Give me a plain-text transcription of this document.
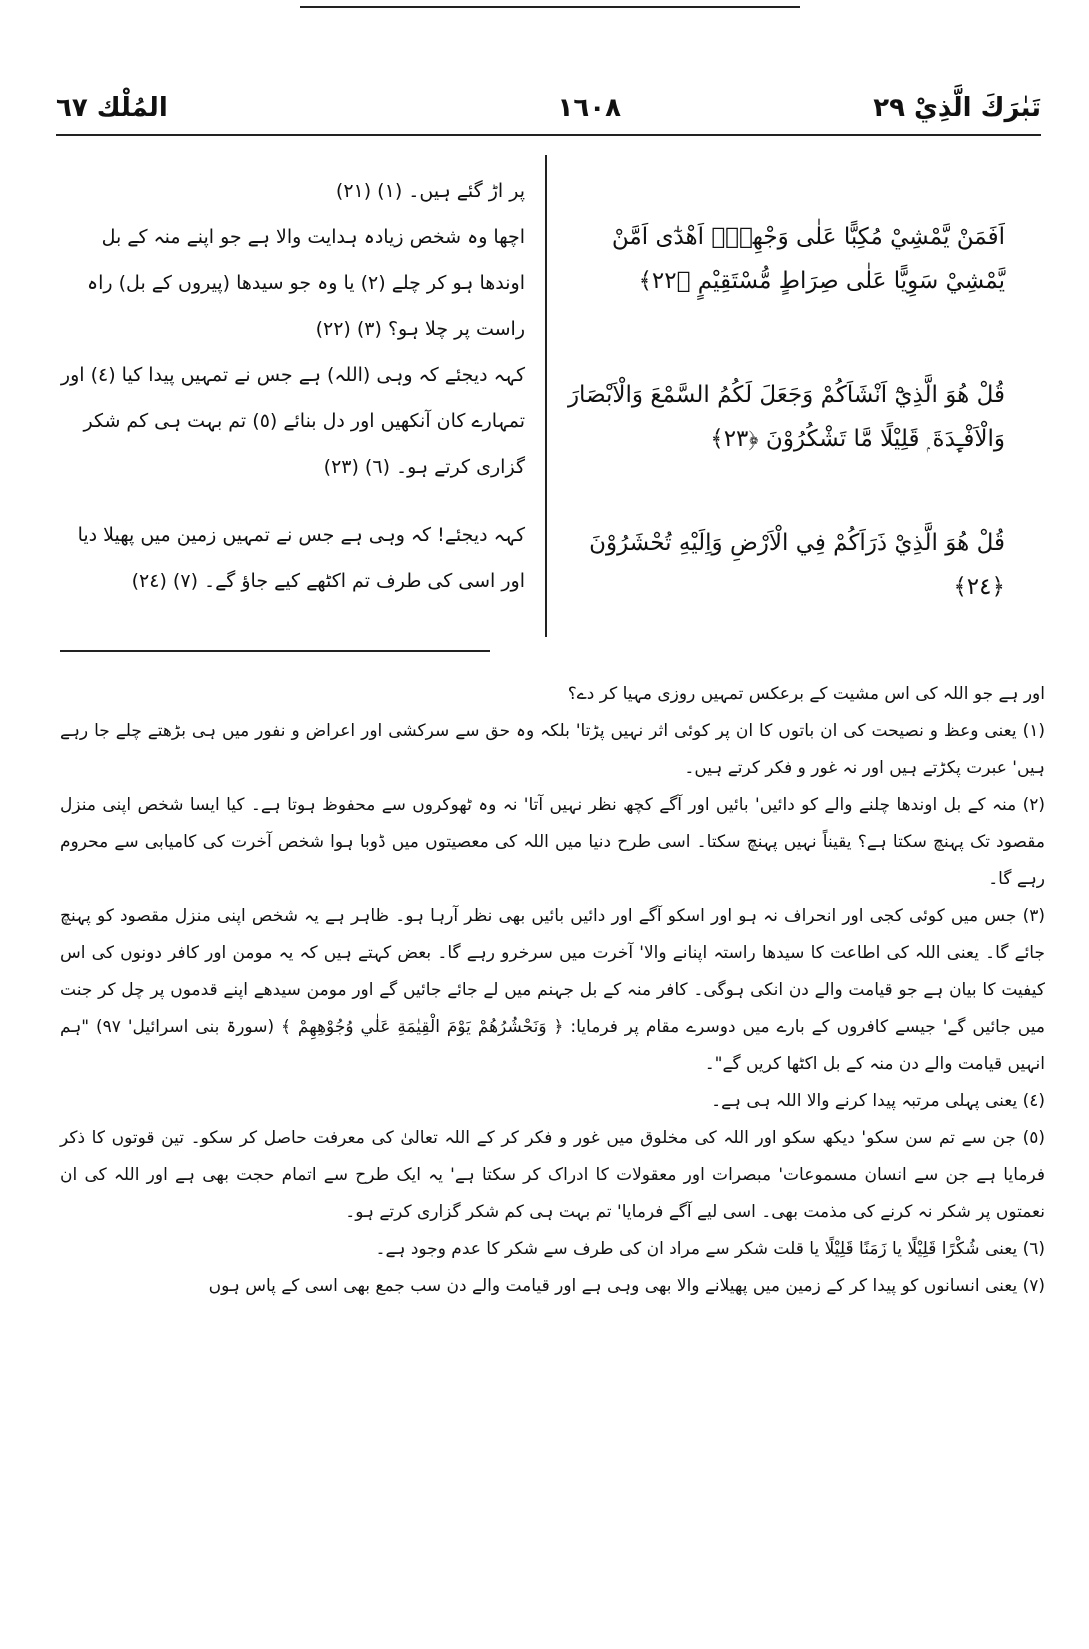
تَبٰرَكَ الَّذِيْ ٢٩
١٦٠٨
المُلْك ٦٧
اَفَمَنْ يَّمْشِيْ مُكِبًّا عَلٰى وَجْهِهٖٓ اَهْدٰٓى اَمَّنْ يَّمْشِيْ سَوِيًّا عَلٰى صِرَاطٍ مُّسْتَقِيْمٍ ﴿٢٢﴾
قُلْ هُوَ الَّذِيْٓ اَنْشَاَكُمْ وَجَعَلَ لَكُمُ السَّمْعَ وَالْاَبْصَارَ وَالْاَفْـِٕدَةَ ۭ قَلِيْلًا مَّا تَشْكُرُوْنَ ﴿٢٣﴾
قُلْ هُوَ الَّذِيْ ذَرَاَكُمْ فِي الْاَرْضِ وَاِلَيْهِ تُحْشَرُوْنَ ﴿٢٤﴾
پر اڑ گئے ہیں۔ (١) (٢١)
اچھا وہ شخص زیادہ ہدایت والا ہے جو اپنے منہ کے بل اوندھا ہو کر چلے (٢) یا وہ جو سیدھا (پیروں کے بل) راہ راست پر چلا ہو؟ (٣) (٢٢)
کہہ دیجئے کہ وہی (اللہ) ہے جس نے تمہیں پیدا کیا (٤) اور تمہارے کان آنکھیں اور دل بنائے (٥) تم بہت ہی کم شکر گزاری کرتے ہو۔ (٦) (٢٣)
کہہ دیجئے! کہ وہی ہے جس نے تمہیں زمین میں پھیلا دیا اور اسی کی طرف تم اکٹھے کیے جاؤ گے۔ (٧) (٢٤)

اور ہے جو اللہ کی اس مشیت کے برعکس تمہیں روزی مہیا کر دے؟

(١) یعنی وعظ و نصیحت کی ان باتوں کا ان پر کوئی اثر نہیں پڑتا' بلکہ وہ حق سے سرکشی اور اعراض و نفور میں ہی بڑھتے چلے جا رہے ہیں' عبرت پکڑتے ہیں اور نہ غور و فکر کرتے ہیں۔

(٢) منہ کے بل اوندھا چلنے والے کو دائیں' بائیں اور آگے کچھ نظر نہیں آتا' نہ وہ ٹھوکروں سے محفوظ ہوتا ہے۔ کیا ایسا شخص اپنی منزل مقصود تک پہنچ سکتا ہے؟ یقیناً نہیں پہنچ سکتا۔ اسی طرح دنیا میں اللہ کی معصیتوں میں ڈوبا ہوا شخص آخرت کی کامیابی سے محروم رہے گا۔

(٣) جس میں کوئی کجی اور انحراف نہ ہو اور اسکو آگے اور دائیں بائیں بھی نظر آرہا ہو۔ ظاہر ہے یہ شخص اپنی منزل مقصود کو پہنچ جائے گا۔ یعنی اللہ کی اطاعت کا سیدھا راستہ اپنانے والا' آخرت میں سرخرو رہے گا۔ بعض کہتے ہیں کہ یہ مومن اور کافر دونوں کی اس کیفیت کا بیان ہے جو قیامت والے دن انکی ہوگی۔ کافر منہ کے بل جہنم میں لے جائے جائیں گے اور مومن سیدھے اپنے قدموں پر چل کر جنت میں جائیں گے' جیسے کافروں کے بارے میں دوسرے مقام پر فرمایا: ﴿ وَنَحْشُرُهُمْ يَوْمَ الْقِيٰمَةِ عَلٰي وُجُوْهِهِمْ ﴾ (سورۃ بنی اسرائیل' ٩٧) "ہم انہیں قیامت والے دن منہ کے بل اکٹھا کریں گے"۔

(٤) یعنی پہلی مرتبہ پیدا کرنے والا اللہ ہی ہے۔

(٥) جن سے تم سن سکو' دیکھ سکو اور اللہ کی مخلوق میں غور و فکر کر کے اللہ تعالیٰ کی معرفت حاصل کر سکو۔ تین قوتوں کا ذکر فرمایا ہے جن سے انسان مسموعات' مبصرات اور معقولات کا ادراک کر سکتا ہے' یہ ایک طرح سے اتمام حجت بھی ہے اور اللہ کی ان نعمتوں پر شکر نہ کرنے کی مذمت بھی۔ اسی لیے آگے فرمایا' تم بہت ہی کم شکر گزاری کرتے ہو۔

(٦) یعنی شُكْرًا قَلِيْلًا یا زَمَنًا قَلِيْلًا یا قلت شکر سے مراد ان کی طرف سے شکر کا عدم وجود ہے۔

(٧) یعنی انسانوں کو پیدا کر کے زمین میں پھیلانے والا بھی وہی ہے اور قیامت والے دن سب جمع بھی اسی کے پاس ہوں
